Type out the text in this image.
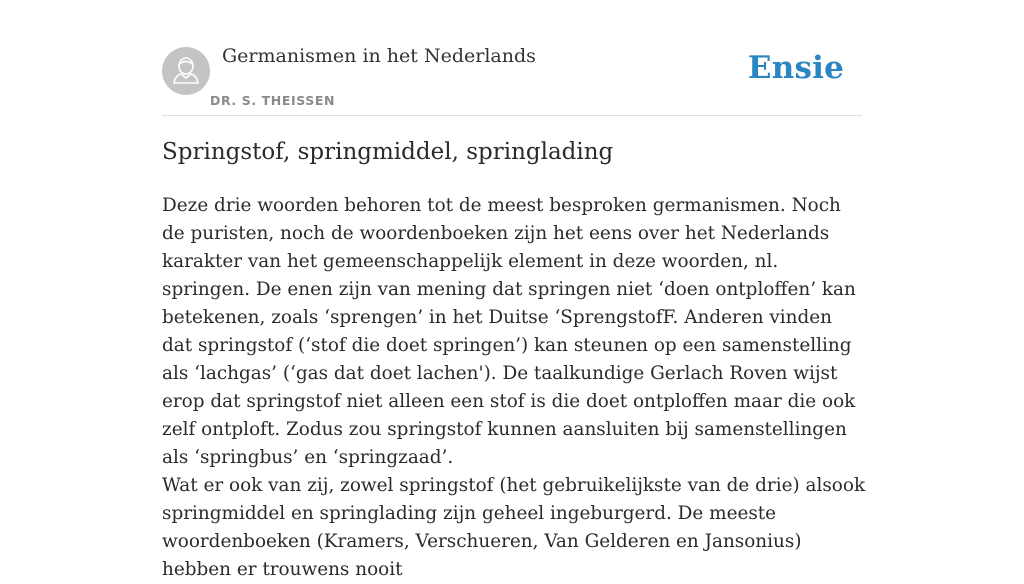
Germanismen in het Nederlands
DR. S. THEISSEN
Ensie
Springstof, springmiddel, springlading

Deze drie woorden behoren tot de meest besproken germanismen. Noch de puristen, noch de woordenboeken zijn het eens over het Nederlands karakter van het gemeenschappelijk element in deze woorden, nl. springen. De enen zijn van mening dat springen niet ‘doen ontploffen’ kan betekenen, zoals ‘sprengen’ in het Duitse ‘SprengstofF. Anderen vinden dat springstof (‘stof die doet springen’) kan steunen op een samenstelling als ‘lachgas’ (‘gas dat doet lachen'). De taalkundige Gerlach Roven wijst erop dat springstof niet alleen een stof is die doet ontploffen maar die ook zelf ontploft. Zodus zou springstof kunnen aansluiten bij samenstellingen als ‘springbus’ en ‘springzaad’.

Wat er ook van zij, zowel springstof (het gebruikelijkste van de drie) alsook springmiddel en springlading zijn geheel ingeburgerd. De meeste woordenboeken (Kramers, Verschueren, Van Gelderen en Jansonius) hebben er trouwens nooit
